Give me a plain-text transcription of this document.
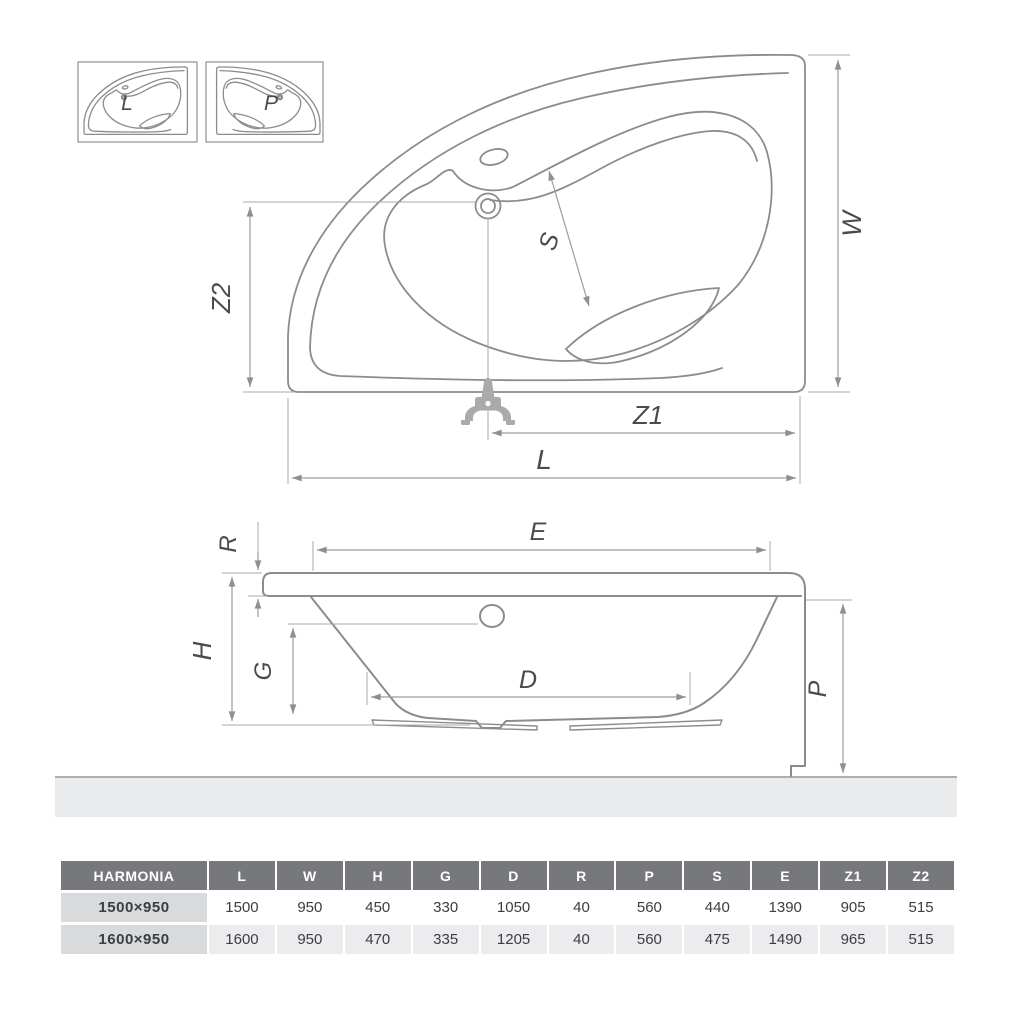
L	P
Z2
W
S
Z1
L
E
R
H
G	D	P
HARMONIA	L	W	H	G	D	R	P	S	E	Z1	Z2
1500×950	1500	950	450	330	1050	40	560	440	1390	905	515
1600×950	1600	950	470	335	1205	40	560	475	1490	965	515
